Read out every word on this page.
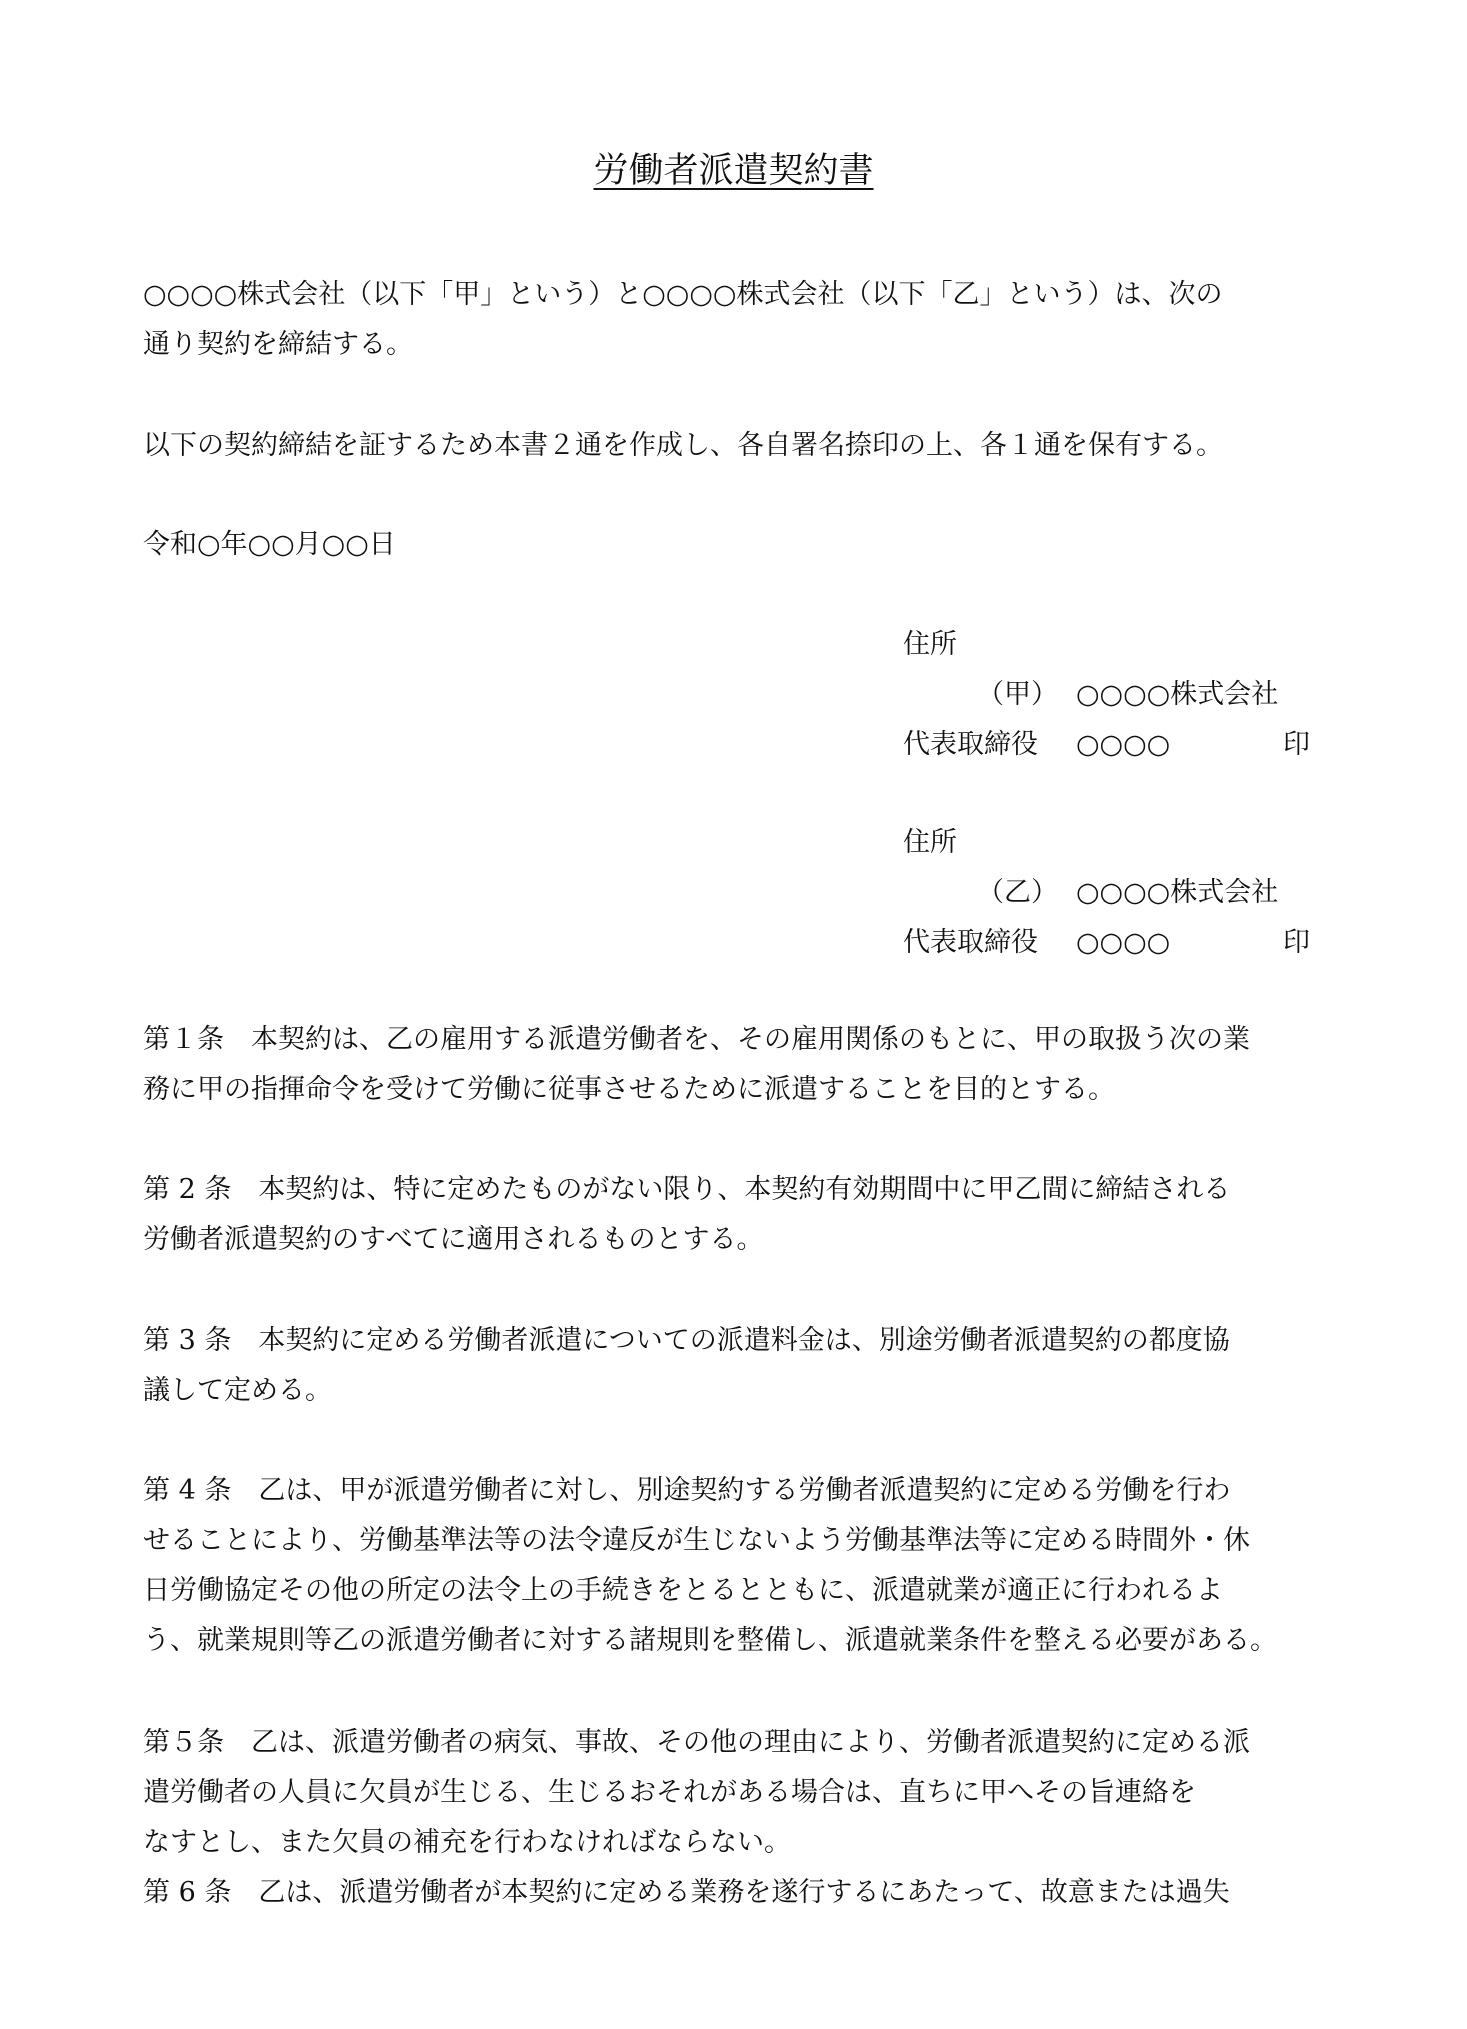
労働者派遣契約書

○○○○株式会社（以下「甲」という）と○○○○株式会社（以下「乙」という）は、次の
通り契約を締結する。

以下の契約締結を証するため本書２通を作成し、各自署名捺印の上、各１通を保有する。

令和○年○○月○○日

住所
（甲） ○○○○株式会社
代表取締役 ○○○○	印
住所
（乙） ○○○○株式会社
代表取締役 ○○○○	印

第１条　本契約は、乙の雇用する派遣労働者を、その雇用関係のもとに、甲の取扱う次の業
務に甲の指揮命令を受けて労働に従事させるために派遣することを目的とする。

第 2 条　本契約は、特に定めたものがない限り、本契約有効期間中に甲乙間に締結される
労働者派遣契約のすべてに適用されるものとする。

第 3 条　本契約に定める労働者派遣についての派遣料金は、別途労働者派遣契約の都度協
議して定める。

第 4 条　乙は、甲が派遣労働者に対し、別途契約する労働者派遣契約に定める労働を行わ
せることにより、労働基準法等の法令違反が生じないよう労働基準法等に定める時間外・休
日労働協定その他の所定の法令上の手続きをとるとともに、派遣就業が適正に行われるよ
う、就業規則等乙の派遣労働者に対する諸規則を整備し、派遣就業条件を整える必要がある。

第５条　乙は、派遣労働者の病気、事故、その他の理由により、労働者派遣契約に定める派
遣労働者の人員に欠員が生じる、生じるおそれがある場合は、直ちに甲へその旨連絡を
なすとし、また欠員の補充を行わなければならない。

第 6 条　乙は、派遣労働者が本契約に定める業務を遂行するにあたって、故意または過失
